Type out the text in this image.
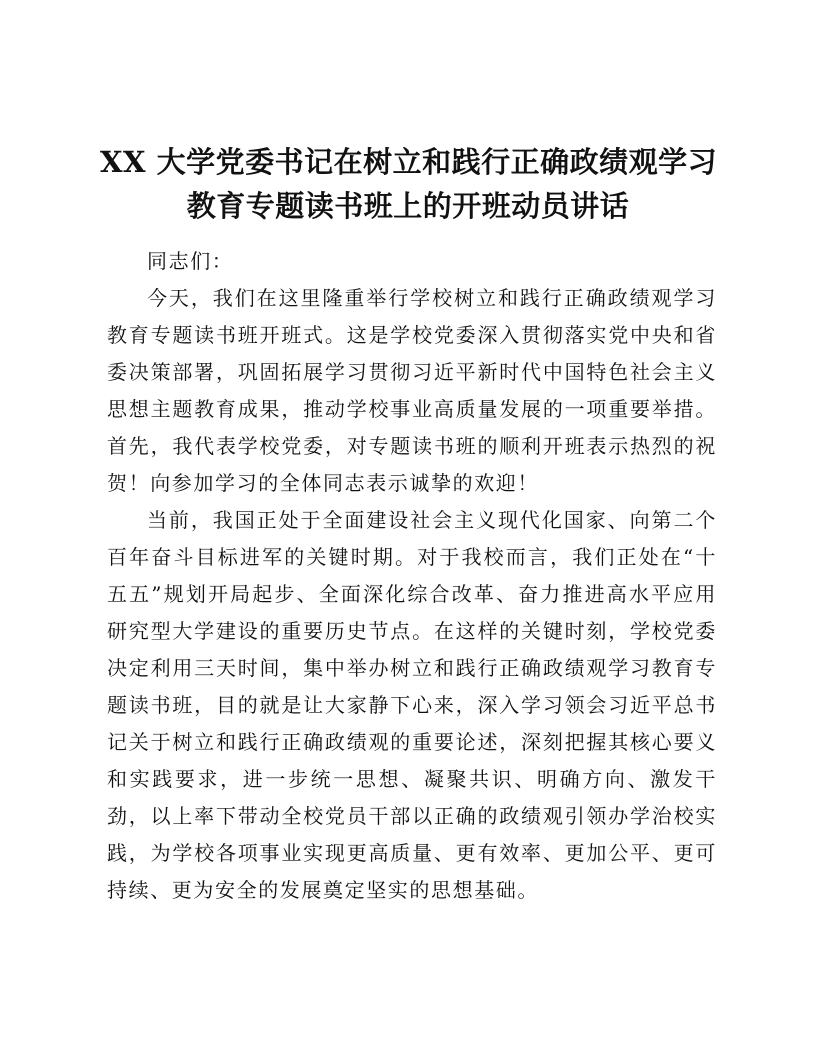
XX 大学党委书记在树立和践行正确政绩观学习
教育专题读书班上的开班动员讲话

同志们：

今天，我们在这里隆重举行学校树立和践行正确政绩观学习教育专题读书班开班式。这是学校党委深入贯彻落实党中央和省委决策部署，巩固拓展学习贯彻习近平新时代中国特色社会主义思想主题教育成果，推动学校事业高质量发展的一项重要举措。首先，我代表学校党委，对专题读书班的顺利开班表示热烈的祝贺！向参加学习的全体同志表示诚挚的欢迎！

当前，我国正处于全面建设社会主义现代化国家、向第二个百年奋斗目标进军的关键时期。对于我校而言，我们正处在“十五五”规划开局起步、全面深化综合改革、奋力推进高水平应用研究型大学建设的重要历史节点。在这样的关键时刻，学校党委决定利用三天时间，集中举办树立和践行正确政绩观学习教育专题读书班，目的就是让大家静下心来，深入学习领会习近平总书记关于树立和践行正确政绩观的重要论述，深刻把握其核心要义和实践要求，进一步统一思想、凝聚共识、明确方向、激发干劲，以上率下带动全校党员干部以正确的政绩观引领办学治校实践，为学校各项事业实现更高质量、更有效率、更加公平、更可持续、更为安全的发展奠定坚实的思想基础。
